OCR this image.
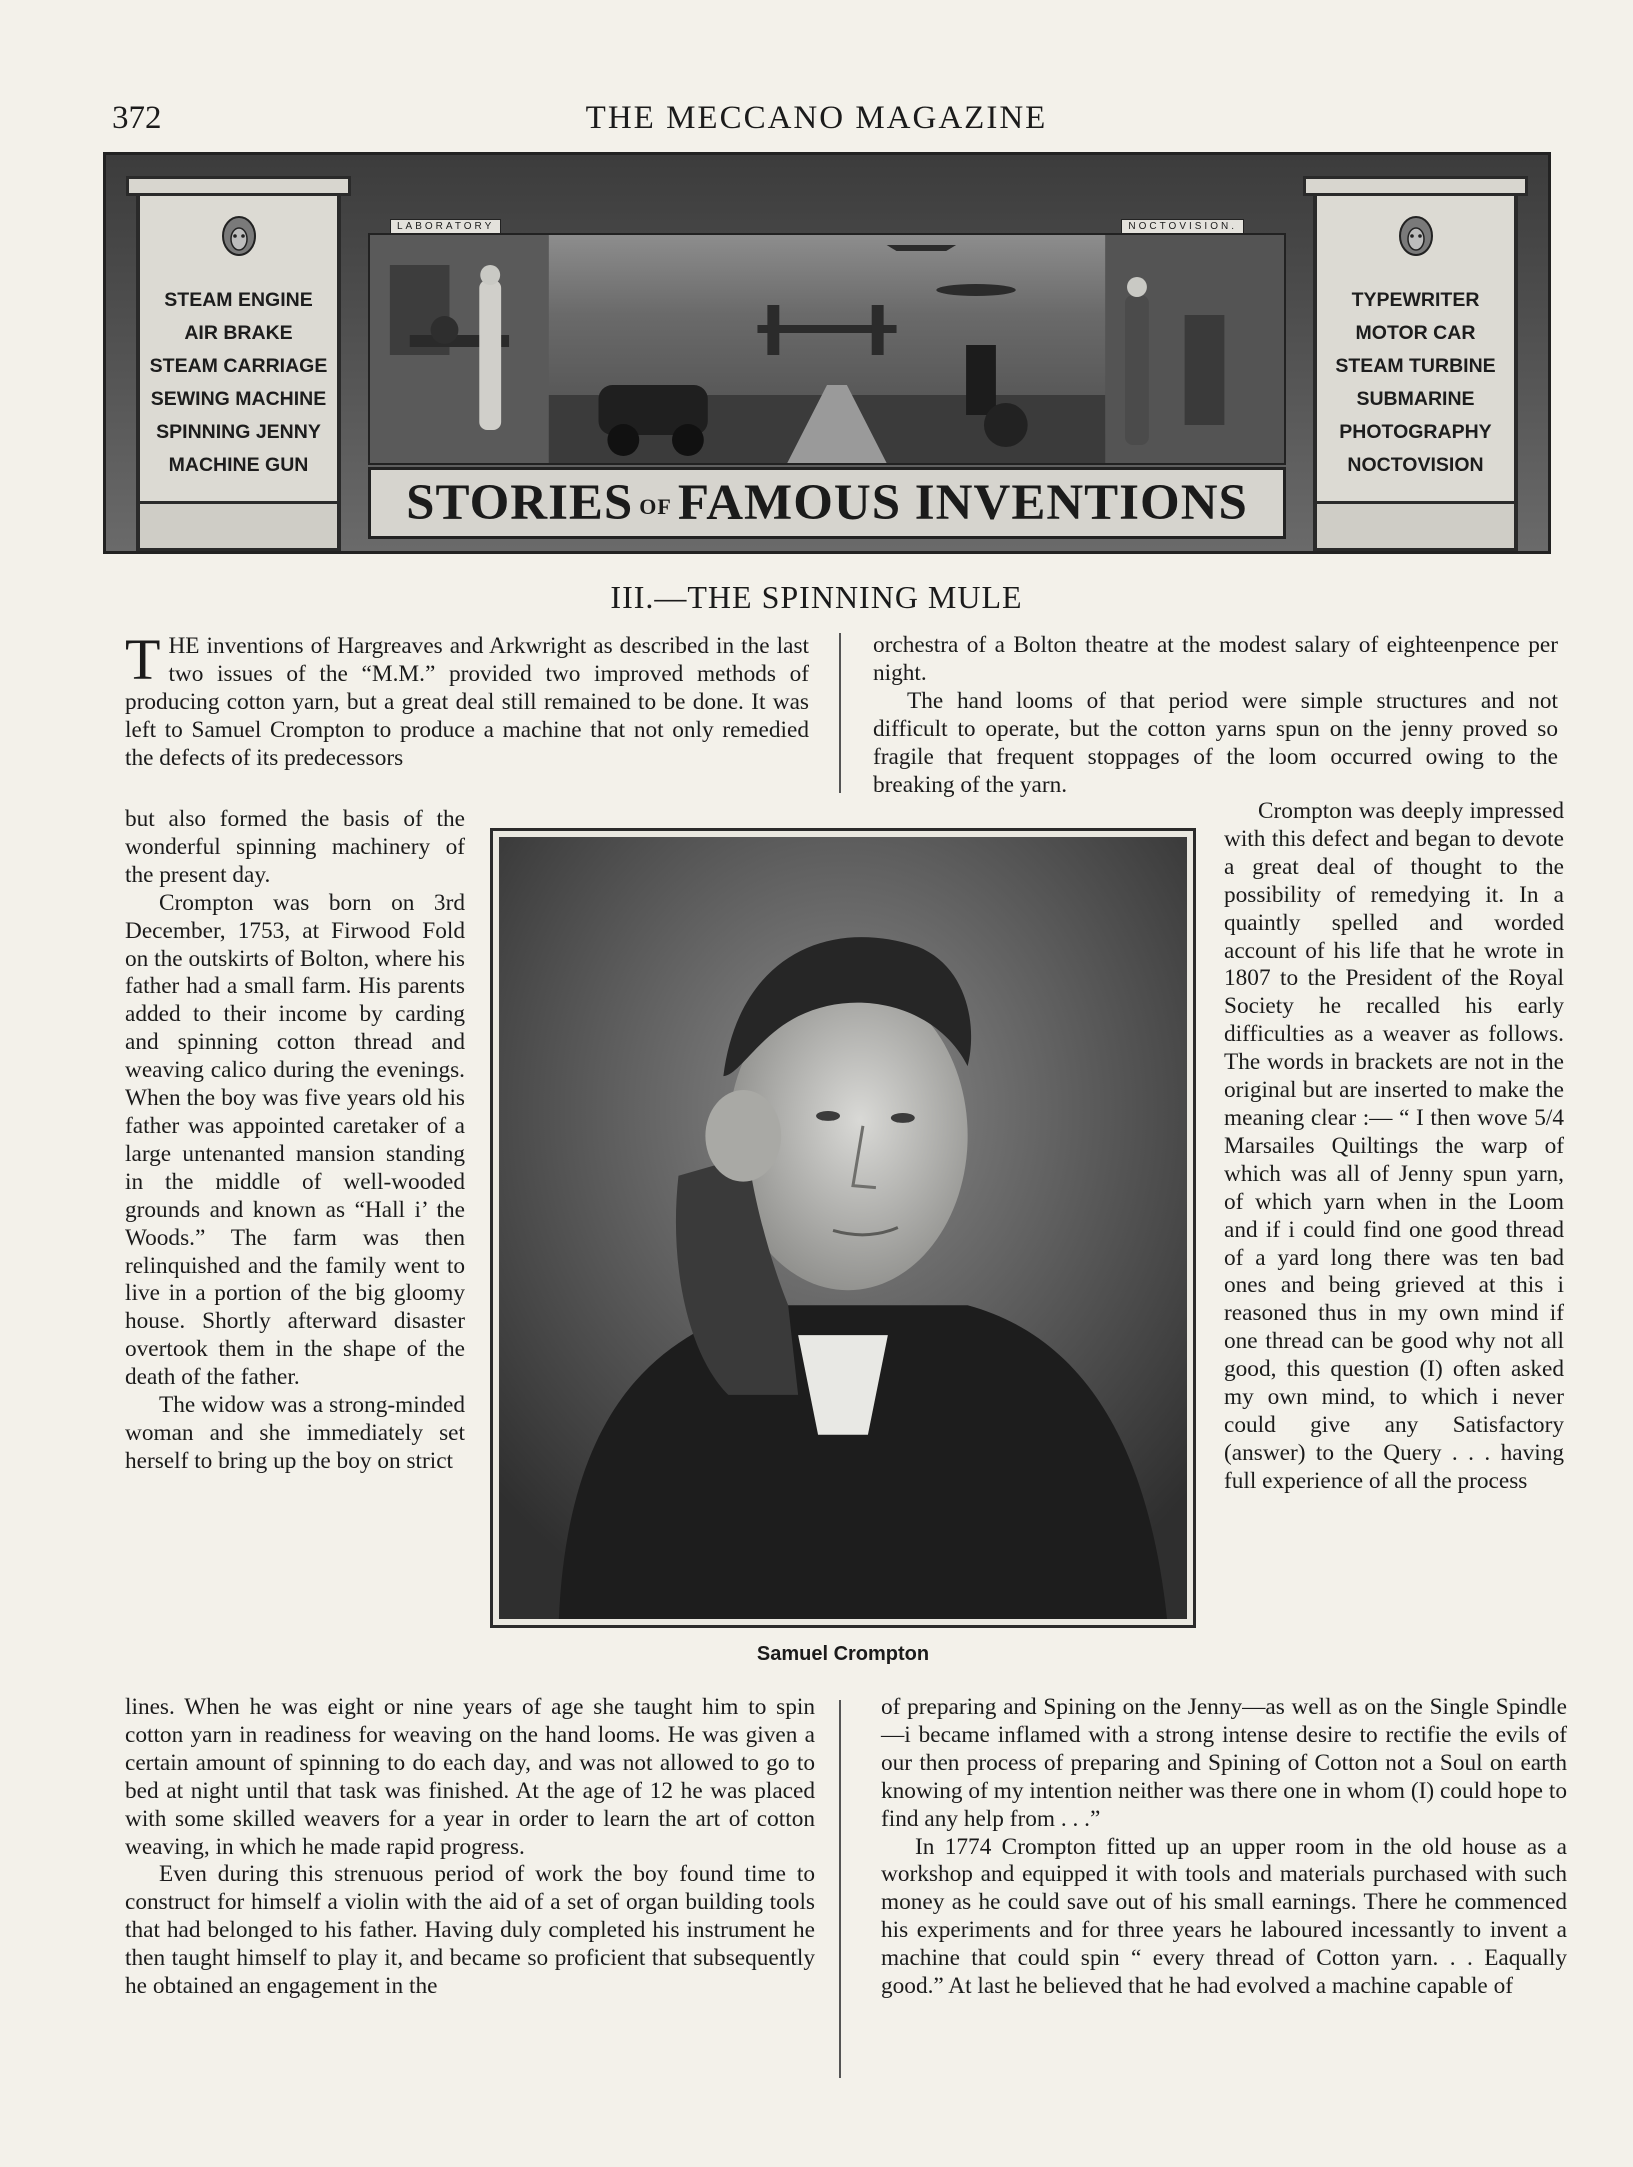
372	THE MECCANO MAGAZINE
STEAM ENGINE
AIR BRAKE
STEAM CARRIAGE
SEWING MACHINE
SPINNING JENNY
MACHINE GUN
LABORATORY	NOCTOVISION.
TYPEWRITER
MOTOR CAR
STEAM TURBINE
SUBMARINE
PHOTOGRAPHY
NOCTOVISION
STORIES OF FAMOUS INVENTIONS
III.—THE SPINNING MULE
T HE inventions of Hargreaves and Arkwright as described in the last two issues of the “M.M.” provided two improved methods of producing cotton yarn, but a great deal still remained to be done. It was left to Samuel Crompton to produce a machine that not only remedied the defects of its predecessors

but also formed the basis of the wonderful spinning machinery of the present day.

Crompton was born on 3rd December, 1753, at Firwood Fold on the outskirts of Bolton, where his father had a small farm. His parents added to their income by carding and spinning cotton thread and weaving calico during the evenings. When the boy was five years old his father was appointed caretaker of a large untenanted mansion standing in the middle of well-wooded grounds and known as “Hall i’ the Woods.” The farm was then relinquished and the family went to live in a portion of the big gloomy house. Shortly afterward disaster overtook them in the shape of the death of the father.

The widow was a strong-minded woman and she immediately set herself to bring up the boy on strict

lines. When he was eight or nine years of age she taught him to spin cotton yarn in readiness for weaving on the hand looms. He was given a certain amount of spinning to do each day, and was not allowed to go to bed at night until that task was finished. At the age of 12 he was placed with some skilled weavers for a year in order to learn the art of cotton weaving, in which he made rapid progress.

Even during this strenuous period of work the boy found time to construct for himself a violin with the aid of a set of organ building tools that had belonged to his father. Having duly completed his instrument he then taught himself to play it, and became so proficient that subsequently he obtained an engagement in the

orchestra of a Bolton theatre at the modest salary of eighteenpence per night.

The hand looms of that period were simple structures and not difficult to operate, but the cotton yarns spun on the jenny proved so fragile that frequent stoppages of the loom occurred owing to the breaking of the yarn.

Crompton was deeply impressed with this defect and began to devote a great deal of thought to the possibility of remedying it. In a quaintly spelled and worded account of his life that he wrote in 1807 to the President of the Royal Society he recalled his early difficulties as a weaver as follows. The words in brackets are not in the original but are inserted to make the meaning clear :— “ I then wove 5/4 Marsailes Quiltings the warp of which was all of Jenny spun yarn, of which yarn when in the Loom and if i could find one good thread of a yard long there was ten bad ones and being grieved at this i reasoned thus in my own mind if one thread can be good why not all good, this question (I) often asked my own mind, to which i never could give any Satisfactory (answer) to the Query . . . having full experience of all the process

of preparing and Spining on the Jenny—as well as on the Single Spindle—i became inflamed with a strong intense desire to rectifie the evils of our then process of preparing and Spining of Cotton not a Soul on earth knowing of my intention neither was there one in whom (I) could hope to find any help from . . .”

In 1774 Crompton fitted up an upper room in the old house as a workshop and equipped it with tools and materials purchased with such money as he could save out of his small earnings. There he commenced his experiments and for three years he laboured incessantly to invent a machine that could spin “ every thread of Cotton yarn. . . Eaqually good.” At last he believed that he had evolved a machine capable of

Samuel Crompton
